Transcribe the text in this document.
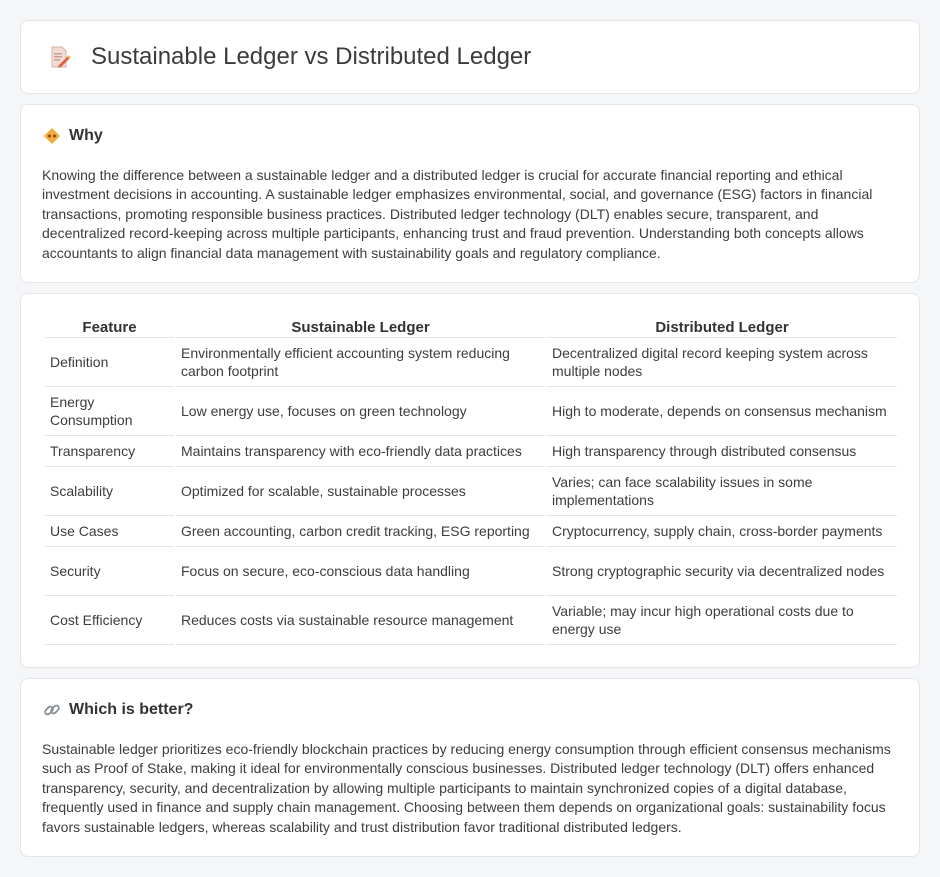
Sustainable Ledger vs Distributed Ledger
Why

Knowing the difference between a sustainable ledger and a distributed ledger is crucial for accurate financial reporting and ethical investment decisions in accounting. A sustainable ledger emphasizes environmental, social, and governance (ESG) factors in financial transactions, promoting responsible business practices. Distributed ledger technology (DLT) enables secure, transparent, and decentralized record-keeping across multiple participants, enhancing trust and fraud prevention. Understanding both concepts allows accountants to align financial data management with sustainability goals and regulatory compliance.

Feature	Sustainable Ledger	Distributed Ledger
Definition	Environmentally efficient accounting system reducing carbon footprint	Decentralized digital record keeping system across multiple nodes
Energy Consumption	Low energy use, focuses on green technology	High to moderate, depends on consensus mechanism
Transparency	Maintains transparency with eco-friendly data practices	High transparency through distributed consensus
Scalability	Optimized for scalable, sustainable processes	Varies; can face scalability issues in some implementations
Use Cases	Green accounting, carbon credit tracking, ESG reporting	Cryptocurrency, supply chain, cross-border payments
Security	Focus on secure, eco-conscious data handling	Strong cryptographic security via decentralized nodes
Cost Efficiency	Reduces costs via sustainable resource management	Variable; may incur high operational costs due to energy use
Which is better?

Sustainable ledger prioritizes eco-friendly blockchain practices by reducing energy consumption through efficient consensus mechanisms such as Proof of Stake, making it ideal for environmentally conscious businesses. Distributed ledger technology (DLT) offers enhanced transparency, security, and decentralization by allowing multiple participants to maintain synchronized copies of a digital database, frequently used in finance and supply chain management. Choosing between them depends on organizational goals: sustainability focus favors sustainable ledgers, whereas scalability and trust distribution favor traditional distributed ledgers.
